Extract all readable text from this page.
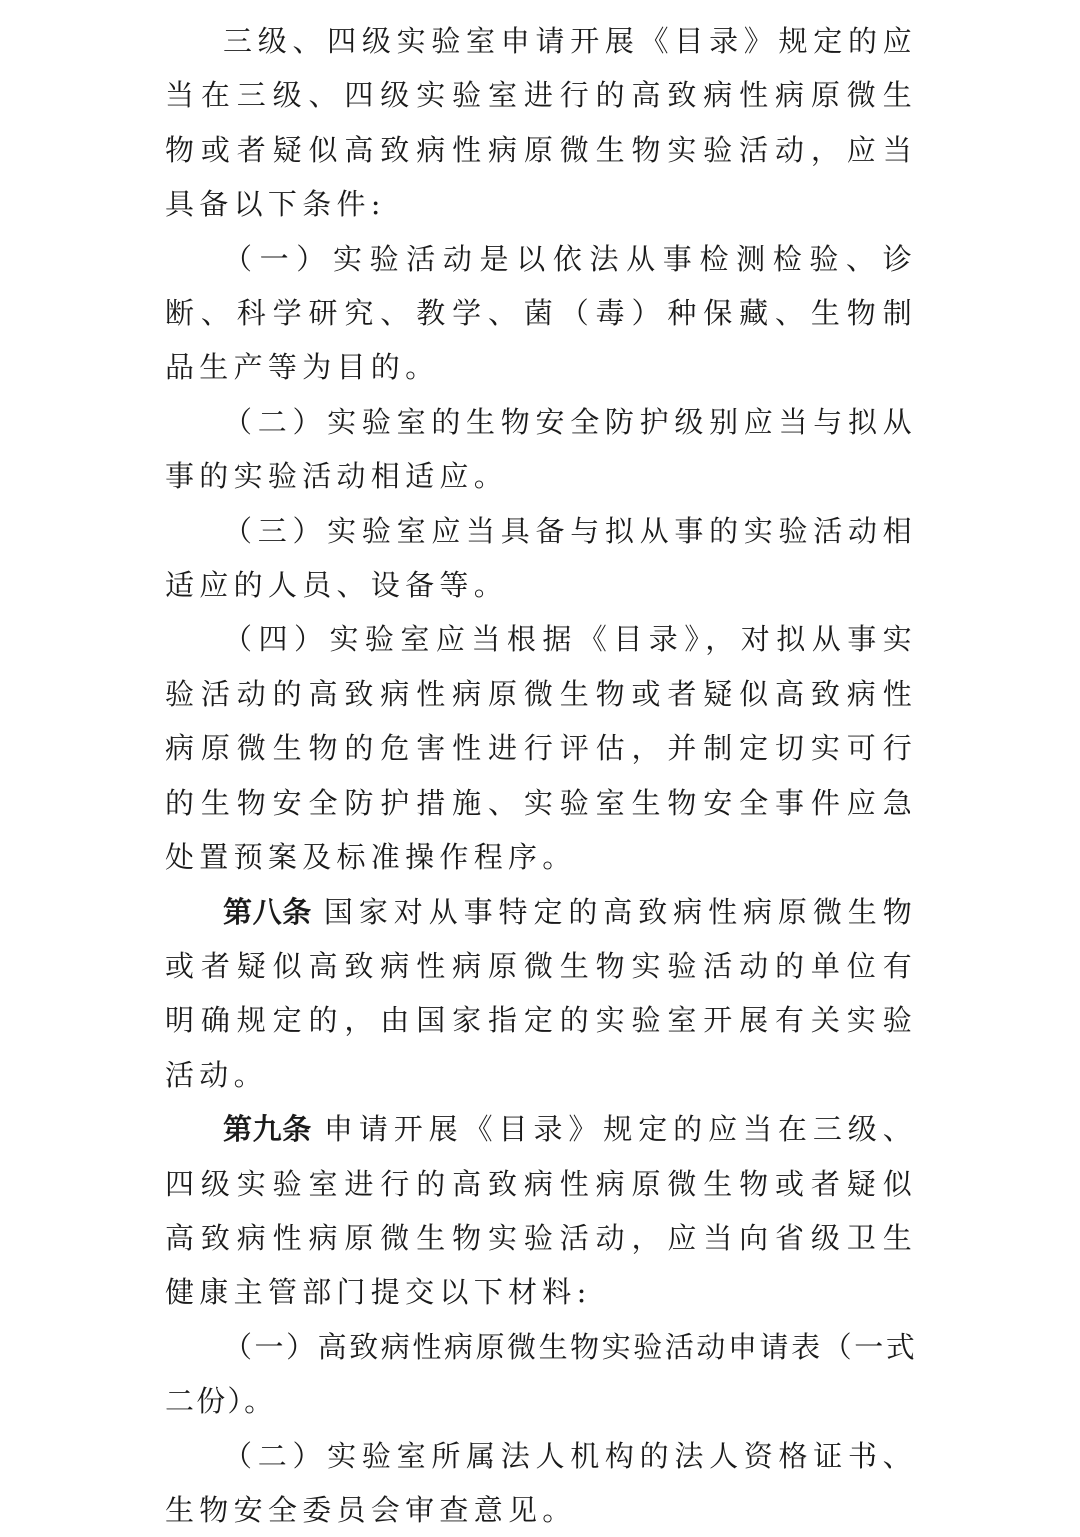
三级、四级实验室申请开展《目录》规定的应当在三级、四级实验室进行的高致病性病原微生物或者疑似高致病性病原微生物实验活动，应当具备以下条件:

（一）实验活动是以依法从事检测检验、诊断、科学研究、教学、菌（毒）种保藏、生物制品生产等为目的。

（二）实验室的生物安全防护级别应当与拟从事的实验活动相适应。

（三）实验室应当具备与拟从事的实验活动相适应的人员、设备等。

（四）实验室应当根据《目录》，对拟从事实验活动的高致病性病原微生物或者疑似高致病性病原微生物的危害性进行评估，并制定切实可行的生物安全防护措施、实验室生物安全事件应急处置预案及标准操作程序。

第八条 国家对从事特定的高致病性病原微生物或者疑似高致病性病原微生物实验活动的单位有明确规定的，由国家指定的实验室开展有关实验活动。

第九条 申请开展《目录》规定的应当在三级、四级实验室进行的高致病性病原微生物或者疑似高致病性病原微生物实验活动，应当向省级卫生健康主管部门提交以下材料:

（一）高致病性病原微生物实验活动申请表（一式二份）。

（二）实验室所属法人机构的法人资格证书、生物安全委员会审查意见。
